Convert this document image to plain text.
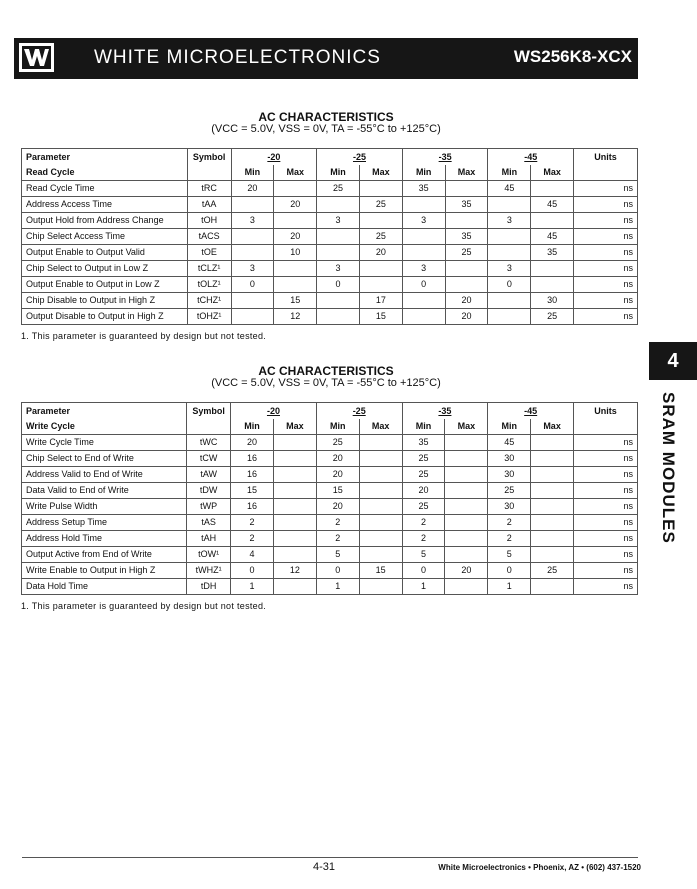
WHITE MICROELECTRONICS	WS256K8-XCX
AC CHARACTERISTICS
(VCC = 5.0V, VSS = 0V, TA = -55°C to +125°C)
Parameter	Symbol	-20		-25		-35		-45		Units
Read Cycle		Min	Max	Min	Max	Min	Max	Min	Max	
Read Cycle Time	tRC	20		25		35		45		ns
Address Access Time	tAA		20		25		35		45	ns
Output Hold from Address Change	tOH	3		3		3		3		ns
Chip Select Access Time	tACS		20		25		35		45	ns
Output Enable to Output Valid	tOE		10		20		25		35	ns
Chip Select to Output in Low Z	tCLZ¹	3		3		3		3		ns
Output Enable to Output in Low Z	tOLZ¹	0		0		0		0		ns
Chip Disable to Output in High Z	tCHZ¹		15		17		20		30	ns
Output Disable to Output in High Z	tOHZ¹		12		15		20		25	ns
1. This parameter is guaranteed by design but not tested.
AC CHARACTERISTICS
(VCC = 5.0V, VSS = 0V, TA = -55°C to +125°C)
Parameter	Symbol	-20		-25		-35		-45		Units
Write Cycle		Min	Max	Min	Max	Min	Max	Min	Max	
Write Cycle Time	tWC	20		25		35		45		ns
Chip Select to End of Write	tCW	16		20		25		30		ns
Address Valid to End of Write	tAW	16		20		25		30		ns
Data Valid to End of Write	tDW	15		15		20		25		ns
Write Pulse Width	tWP	16		20		25		30		ns
Address Setup Time	tAS	2		2		2		2		ns
Address Hold Time	tAH	2		2		2		2		ns
Output Active from End of Write	tOW¹	4		5		5		5		ns
Write Enable to Output in High Z	tWHZ¹	0	12	0	15	0	20	0	25	ns
Data Hold Time	tDH	1		1		1		1		ns
1. This parameter is guaranteed by design but not tested.
4
SRAM MODULES
4-31	White Microelectronics • Phoenix, AZ • (602) 437-1520
